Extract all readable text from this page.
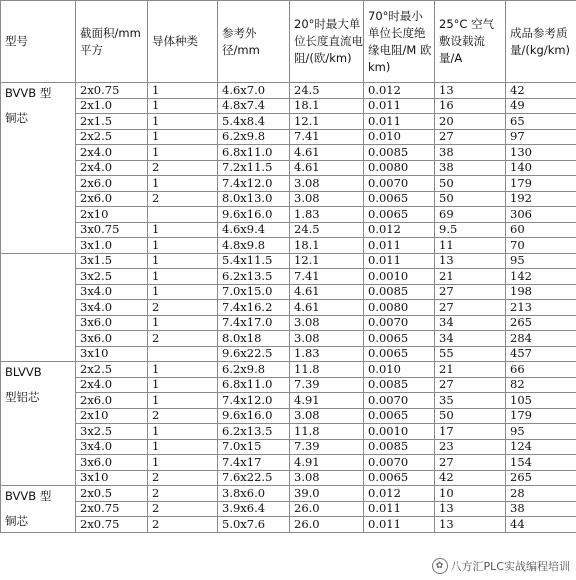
型号	截面积/mm 平方	导体种类	参考外径/mm	20°时最大单位长度直流电阻/(欧/km)	70°时最小单位长度绝缘电阻/M 欧 km)	25°C 空气敷设载流量/A	成品参考质量/(kg/km)

BVVB 型
铜芯	2x0.75	1	4.6x7.0	24.5	0.012	13	42
	2x1.0	1	4.8x7.4	18.1	0.011	16	49
	2x1.5	1	5.4x8.4	12.1	0.011	20	65
	2x2.5	1	6.2x9.8	7.41	0.010	27	97
	2x4.0	1	6.8x11.0	4.61	0.0085	38	130
	2x4.0	2	7.2x11.5	4.61	0.0080	38	140
	2x6.0	1	7.4x12.0	3.08	0.0070	50	179
	2x6.0	2	8.0x13.0	3.08	0.0065	50	192
	2x10		9.6x16.0	1.83	0.0065	69	306
	3x0.75	1	4.6x9.4	24.5	0.012	9.5	60
	3x1.0	1	4.8x9.8	18.1	0.011	11	70

	3x1.5	1	5.4x11.5	12.1	0.011	13	95
	3x2.5	1	6.2x13.5	7.41	0.0010	21	142
	3x4.0	1	7.0x15.0	4.61	0.0085	27	198
	3x4.0	2	7.4x16.2	4.61	0.0080	27	213
	3x6.0	1	7.4x17.0	3.08	0.0070	34	265
	3x6.0	2	8.0x18	3.08	0.0065	34	284
	3x10		9.6x22.5	1.83	0.0065	55	457

BLVVB
型铝芯	2x2.5	1	6.2x9.8	11.8	0.010	21	66
	2x4.0	1	6.8x11.0	7.39	0.0085	27	82
	2x6.0	1	7.4x12.0	4.91	0.0070	35	105
	2x10	2	9.6x16.0	3.08	0.0065	50	179
	3x2.5	1	6.2x13.5	11.8	0.0010	17	95
	3x4.0	1	7.0x15	7.39	0.0085	23	124
	3x6.0	1	7.4x17	4.91	0.0070	27	154
	3x10	2	7.6x22.5	3.08	0.0065	42	265

BVVB 型
铜芯	2x0.5	2	3.8x6.0	39.0	0.012	10	28
	2x0.75	2	3.9x6.4	26.0	0.011	13	38
	2x0.75	2	5.0x7.6	26.0	0.011	13	44
✿ 八方汇PLC实战编程培训
